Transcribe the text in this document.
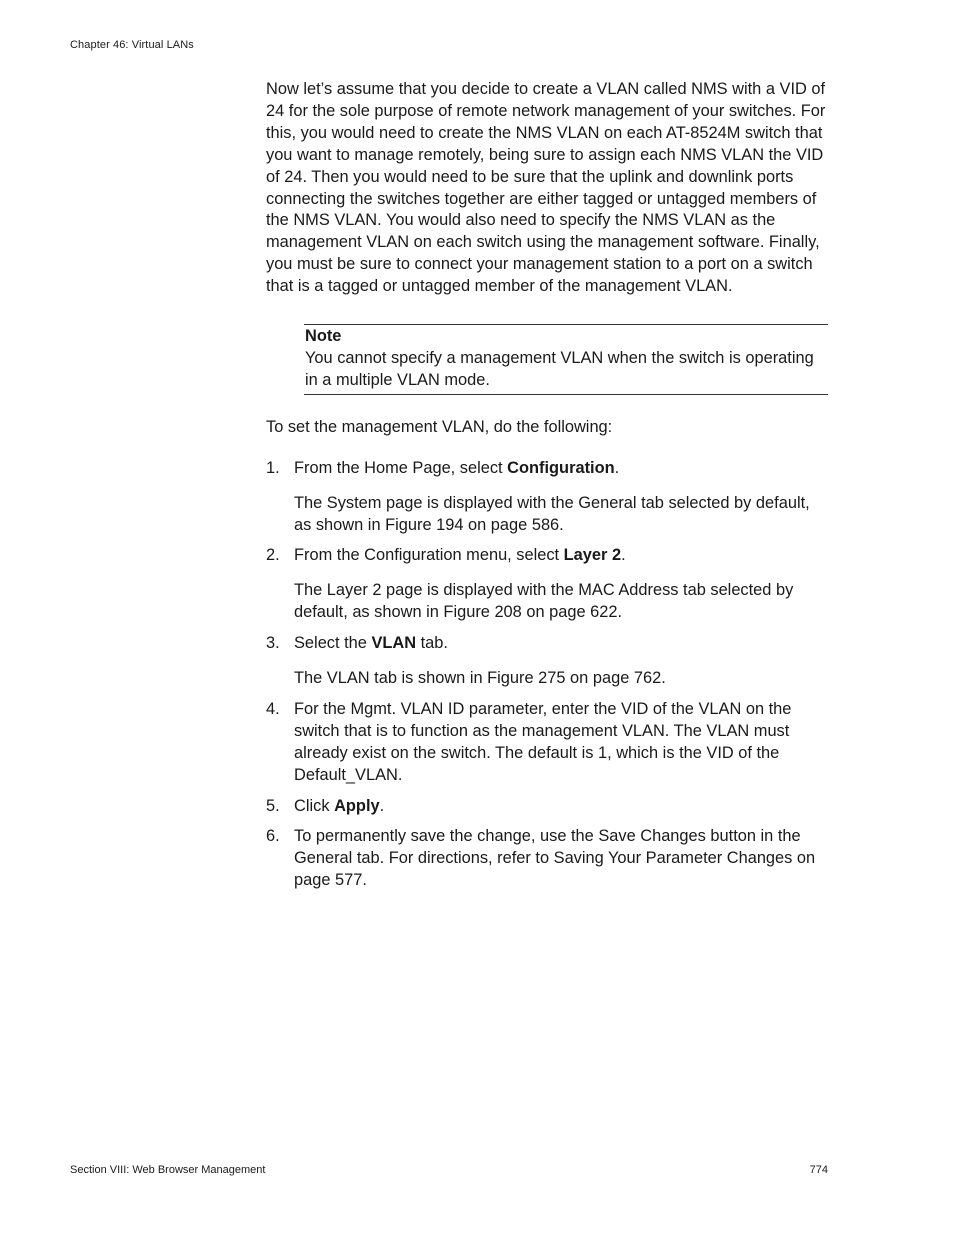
Chapter 46: Virtual LANs

Now let’s assume that you decide to create a VLAN called NMS with a VID of 24 for the sole purpose of remote network management of your switches. For this, you would need to create the NMS VLAN on each AT-8524M switch that you want to manage remotely, being sure to assign each NMS VLAN the VID of 24. Then you would need to be sure that the uplink and downlink ports connecting the switches together are either tagged or untagged members of the NMS VLAN. You would also need to specify the NMS VLAN as the management VLAN on each switch using the management software. Finally, you must be sure to connect your management station to a port on a switch that is a tagged or untagged member of the management VLAN.

Note
You cannot specify a management VLAN when the switch is operating in a multiple VLAN mode.

To set the management VLAN, do the following:

1. From the Home Page, select Configuration.
The System page is displayed with the General tab selected by default, as shown in Figure 194 on page 586.
2. From the Configuration menu, select Layer 2.
The Layer 2 page is displayed with the MAC Address tab selected by default, as shown in Figure 208 on page 622.
3. Select the VLAN tab.
The VLAN tab is shown in Figure 275 on page 762.
4. For the Mgmt. VLAN ID parameter, enter the VID of the VLAN on the switch that is to function as the management VLAN. The VLAN must already exist on the switch. The default is 1, which is the VID of the Default_VLAN.
5. Click Apply.
6. To permanently save the change, use the Save Changes button in the General tab. For directions, refer to Saving Your Parameter Changes on page 577.
Section VIII: Web Browser Management	774
